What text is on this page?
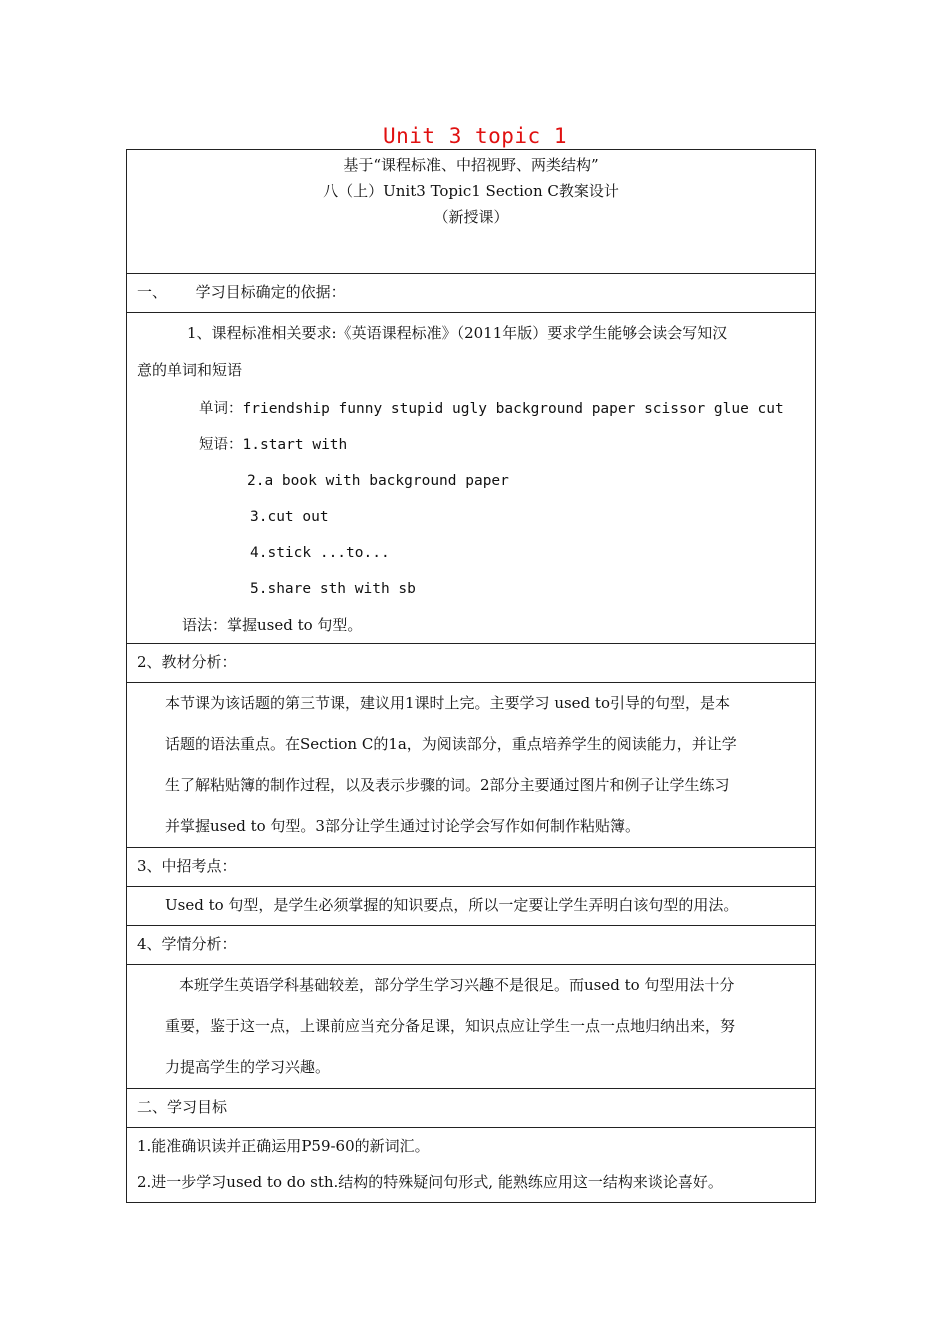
Unit 3 topic 1
基于“课程标准、中招视野、两类结构”
八（上）Unit3 Topic1 Section C教案设计
（新授课）

一、      学习目标确定的依据：

1、课程标准相关要求:《英语课程标准》（2011年版）要求学生能够会读会写知汉
意的单词和短语
单词：friendship funny stupid ugly background paper scissor glue cut
短语：1.start with
2.a book with background paper
3.cut out
4.stick ...to...
5.share sth with sb
语法：掌握used to 句型。

2、教材分析：

本节课为该话题的第三节课，建议用1课时上完。主要学习 used to引导的句型，是本
话题的语法重点。在Section C的1a，为阅读部分，重点培养学生的阅读能力，并让学
生了解粘贴簿的制作过程，以及表示步骤的词。2部分主要通过图片和例子让学生练习
并掌握used to 句型。3部分让学生通过讨论学会写作如何制作粘贴簿。

3、中招考点：
Used to 句型，是学生必须掌握的知识要点，所以一定要让学生弄明白该句型的用法。
4、学情分析：

本班学生英语学科基础较差，部分学生学习兴趣不是很足。而used to 句型用法十分
重要，鉴于这一点，上课前应当充分备足课，知识点应让学生一点一点地归纳出来，努
力提高学生的学习兴趣。

二、学习目标

1.能准确识读并正确运用P59-60的新词汇。
2.进一步学习used to do sth.结构的特殊疑问句形式, 能熟练应用这一结构来谈论喜好。
